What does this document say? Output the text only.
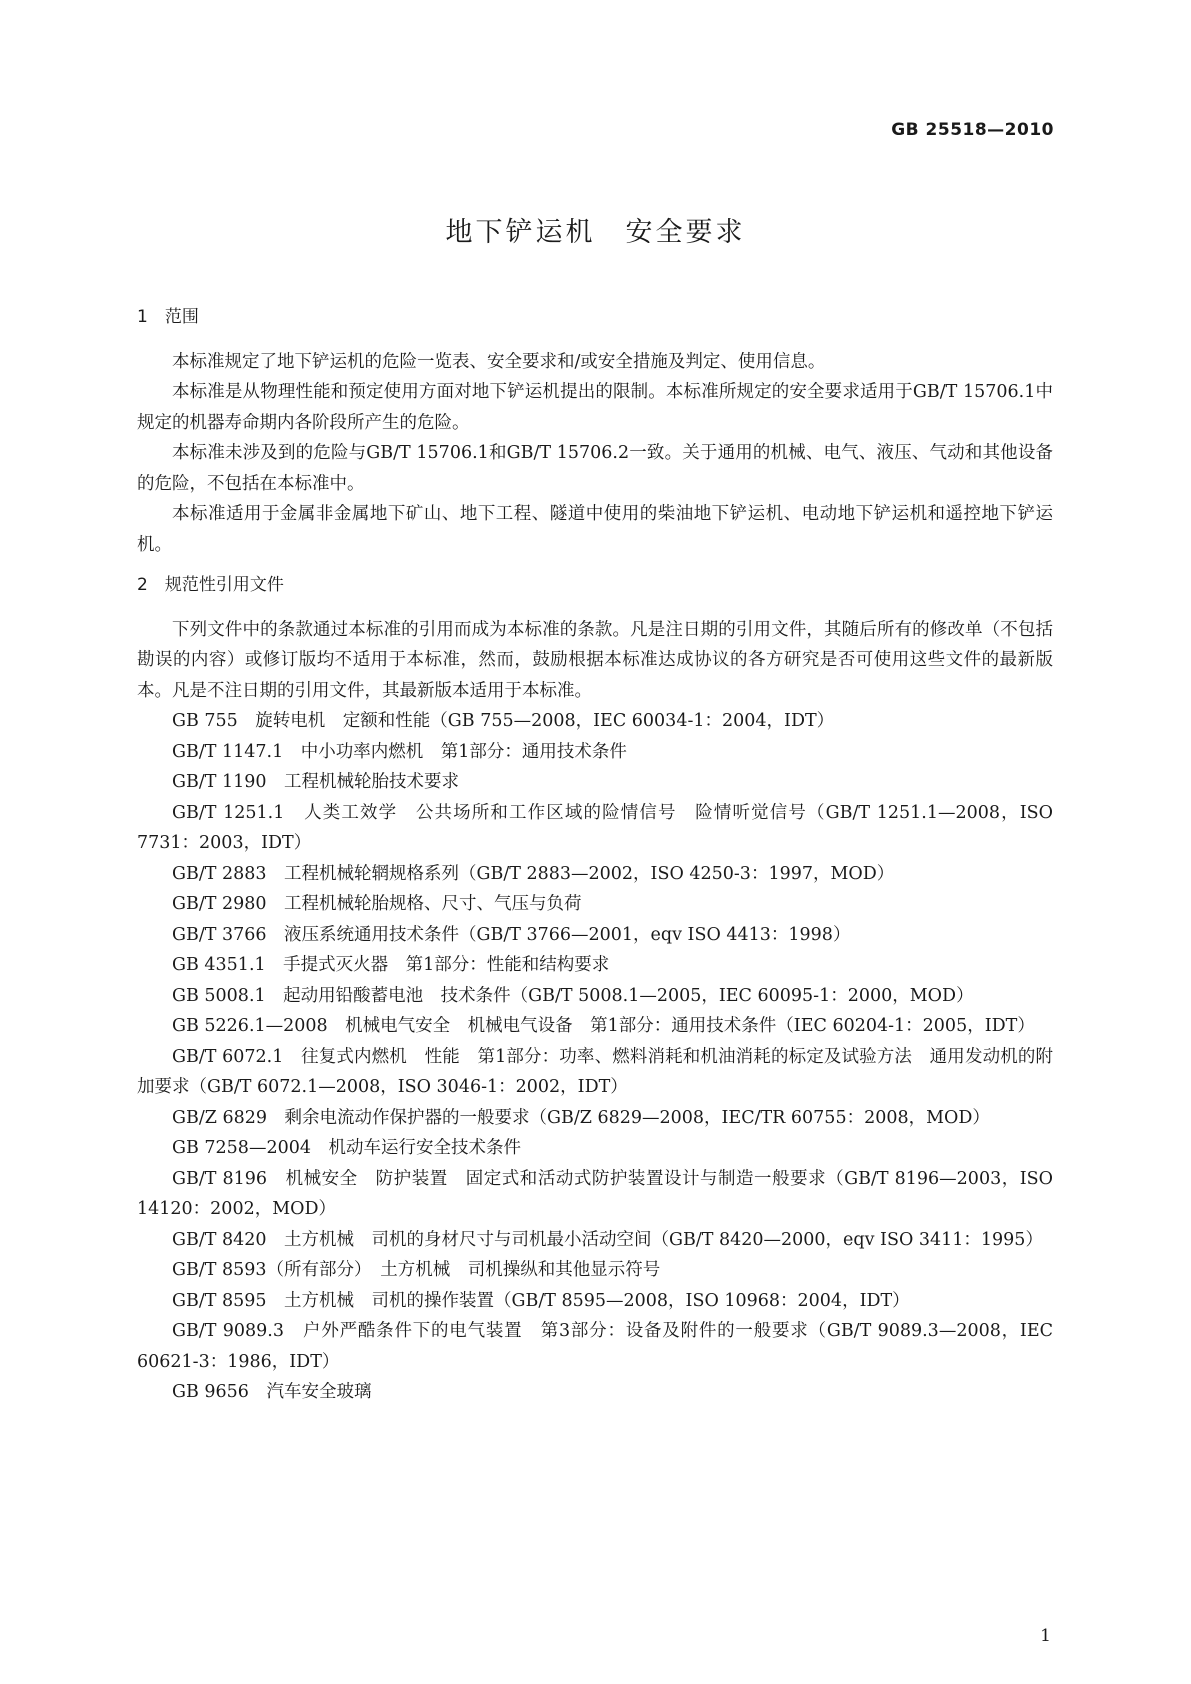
GB 25518—2010
地下铲运机　安全要求
1　范围

本标准规定了地下铲运机的危险一览表、安全要求和/或安全措施及判定、使用信息。

本标准是从物理性能和预定使用方面对地下铲运机提出的限制。本标准所规定的安全要求适用于GB/T 15706.1中规定的机器寿命期内各阶段所产生的危险。

本标准未涉及到的危险与GB/T 15706.1和GB/T 15706.2一致。关于通用的机械、电气、液压、气动和其他设备的危险，不包括在本标准中。

本标准适用于金属非金属地下矿山、地下工程、隧道中使用的柴油地下铲运机、电动地下铲运机和遥控地下铲运机。

2　规范性引用文件

下列文件中的条款通过本标准的引用而成为本标准的条款。凡是注日期的引用文件，其随后所有的修改单（不包括勘误的内容）或修订版均不适用于本标准，然而，鼓励根据本标准达成协议的各方研究是否可使用这些文件的最新版本。凡是不注日期的引用文件，其最新版本适用于本标准。

GB 755　旋转电机　定额和性能（GB 755—2008，IEC 60034-1：2004，IDT）

GB/T 1147.1　中小功率内燃机　第1部分：通用技术条件

GB/T 1190　工程机械轮胎技术要求

GB/T 1251.1　人类工效学　公共场所和工作区域的险情信号　险情听觉信号（GB/T 1251.1—2008，ISO 7731：2003，IDT）

GB/T 2883　工程机械轮辋规格系列（GB/T 2883—2002，ISO 4250-3：1997，MOD）

GB/T 2980　工程机械轮胎规格、尺寸、气压与负荷

GB/T 3766　液压系统通用技术条件（GB/T 3766—2001，eqv ISO 4413：1998）

GB 4351.1　手提式灭火器　第1部分：性能和结构要求

GB 5008.1　起动用铅酸蓄电池　技术条件（GB/T 5008.1—2005，IEC 60095-1：2000，MOD）

GB 5226.1—2008　机械电气安全　机械电气设备　第1部分：通用技术条件（IEC 60204-1：2005，IDT）

GB/T 6072.1　往复式内燃机　性能　第1部分：功率、燃料消耗和机油消耗的标定及试验方法　通用发动机的附加要求（GB/T 6072.1—2008，ISO 3046-1：2002，IDT）

GB/Z 6829　剩余电流动作保护器的一般要求（GB/Z 6829—2008，IEC/TR 60755：2008，MOD）

GB 7258—2004　机动车运行安全技术条件

GB/T 8196　机械安全　防护装置　固定式和活动式防护装置设计与制造一般要求（GB/T 8196—2003，ISO 14120：2002，MOD）

GB/T 8420　土方机械　司机的身材尺寸与司机最小活动空间（GB/T 8420—2000，eqv ISO 3411：1995）

GB/T 8593（所有部分）　土方机械　司机操纵和其他显示符号

GB/T 8595　土方机械　司机的操作装置（GB/T 8595—2008，ISO 10968：2004，IDT）

GB/T 9089.3　户外严酷条件下的电气装置　第3部分：设备及附件的一般要求（GB/T 9089.3—2008，IEC 60621-3：1986，IDT）

GB 9656　汽车安全玻璃

1
